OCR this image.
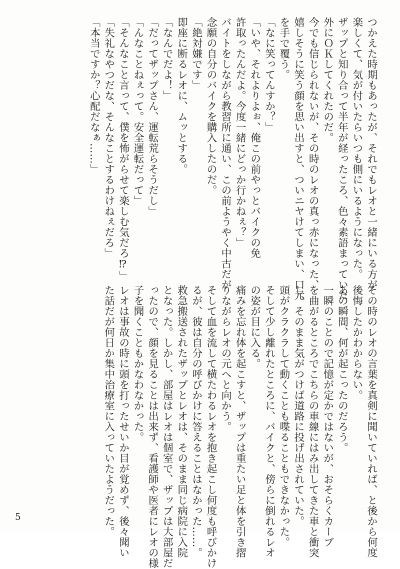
つかえた時期もあったが、それでもレオと一緒にいる方が
楽しくて、気が付いたらいつも側にいるようになった。
ザップと知り合って半年が経ったころ、色々素語まっていた
外にＯＫしてくれたのだ。
今でも信じられないが、その時のレオの真っ赤になった、
嬉しそうに笑う顔を思い出すと、ついニヤけてしまい、口元
を手で覆う。
「なに笑ってんすか？」
「いや、それよりよぉ、俺この前やっとバイクの免
許取ったんだよ。今度一緒にどっか行かねぇ？」
バイトをしながら教習所に通い、この前ようやく中古だが
念願の自分のバイクを購入したのだ。
「絶対嫌です」
即座に断るレオに、ムッとする。
「なんでだよ！」
「だってザップさん、運転荒らそうだし」
「んなことねぇって。安全運転だって」
「そんなこと言って、僕を怖がらせて楽しむ気だろ⁉」
「失礼なやつだな、そんなことするわけねぇだろ」
「本当ですか？心配だなぁ……」
その時のレオの言葉を真剣に聞いていれば、と後から何度
後悔したかわからない。
あの瞬間、何が起こったのだろう。
一瞬のことので記憶が定かではないが、おそらくカーブ
を曲がるところでこちらの車線にはみ出してきた車と衝突
し、そのまま気がつけば道路に投げ出されていた。
頭がクラクラして動くことも喋ることもできなかった。
そして少し離れたところに、バイクと、傍らに倒れるレオ
の姿が目に入る。
痛みを忘れ体を起こすと、ザップは重たい足と体を引き摺
りながらレオの元へと向かう。
そして血を流して横たわるレオを抱き起こし何度も呼びかけ
るが、彼は自分の呼びかけに答えることはなかった……。
救急搬送されたザップとレオは、そのまま同じ病院に入院
となった。しかし、部屋はレオは個室で、ザップは大部屋だ
ったので、顔を見ることは出来ず、看護師や医者にレオの様
子を聞くこともかなわなかった。
レオは事故の時に頭を打ったせいか目が覚めず、後々聞い
た話だが何日か集中治療室に入っていたようだった。
5
